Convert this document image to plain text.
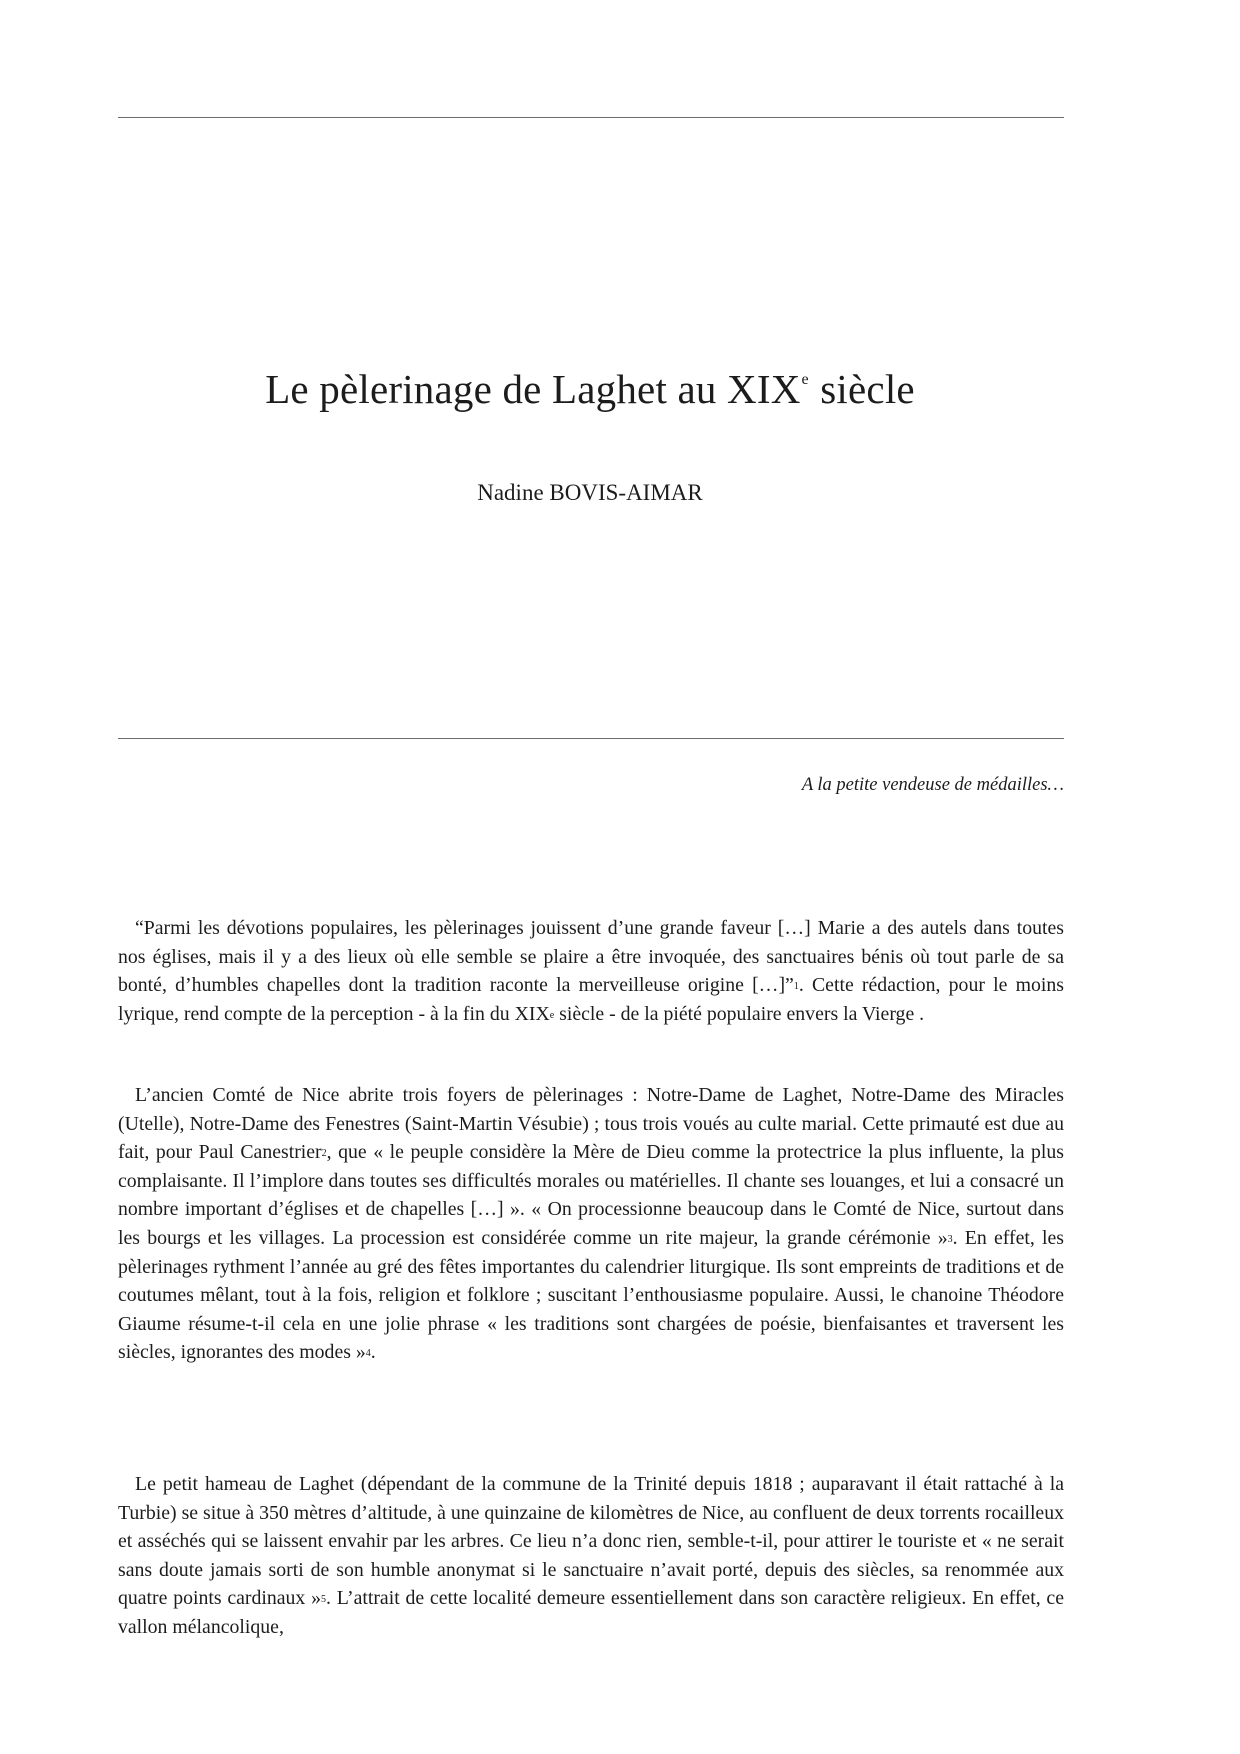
Le pèlerinage de Laghet au XIXe siècle
Nadine BOVIS-AIMAR
A la petite vendeuse de médailles…

“Parmi les dévotions populaires, les pèlerinages jouissent d’une grande faveur […] Marie a des autels dans toutes nos églises, mais il y a des lieux où elle semble se plaire a être invoquée, des sanctuaires bénis où tout parle de sa bonté, d’humbles chapelles dont la tradition raconte la merveilleuse origine […]”$^1$. Cette rédaction, pour le moins lyrique, rend compte de la perception - à la fin du XIXe siècle - de la piété populaire envers la Vierge .

L’ancien Comté de Nice abrite trois foyers de pèlerinages : Notre-Dame de Laghet, Notre-Dame des Miracles (Utelle), Notre-Dame des Fenestres (Saint-Martin Vésubie) ; tous trois voués au culte marial. Cette primauté est due au fait, pour Paul Canestrier$^2$, que « le peuple considère la Mère de Dieu comme la protectrice la plus influente, la plus complaisante. Il l’implore dans toutes ses difficultés morales ou matérielles. Il chante ses louanges, et lui a consacré un nombre important d’églises et de chapelles […] ». « On processionne beaucoup dans le Comté de Nice, surtout dans les bourgs et les villages. La procession est considérée comme un rite majeur, la grande cérémonie »$^3$. En effet, les pèlerinages rythment l’année au gré des fêtes importantes du calendrier liturgique. Ils sont empreints de traditions et de coutumes mêlant, tout à la fois, religion et folklore ; suscitant l’enthousiasme populaire. Aussi, le chanoine Théodore Giaume résume-t-il cela en une jolie phrase « les traditions sont chargées de poésie, bienfaisantes et traversent les siècles, ignorantes des modes »$^4$.

Le petit hameau de Laghet (dépendant de la commune de la Trinité depuis 1818 ; auparavant il était rattaché à la Turbie) se situe à 350 mètres d’altitude, à une quinzaine de kilomètres de Nice, au confluent de deux torrents rocailleux et asséchés qui se laissent envahir par les arbres. Ce lieu n’a donc rien, semble-t-il, pour attirer le touriste et « ne serait sans doute jamais sorti de son humble anonymat si le sanctuaire n’avait porté, depuis des siècles, sa renommée aux quatre points cardinaux »$^5$. L’attrait de cette localité demeure essentiellement dans son caractère religieux. En effet, ce vallon mélancolique,
